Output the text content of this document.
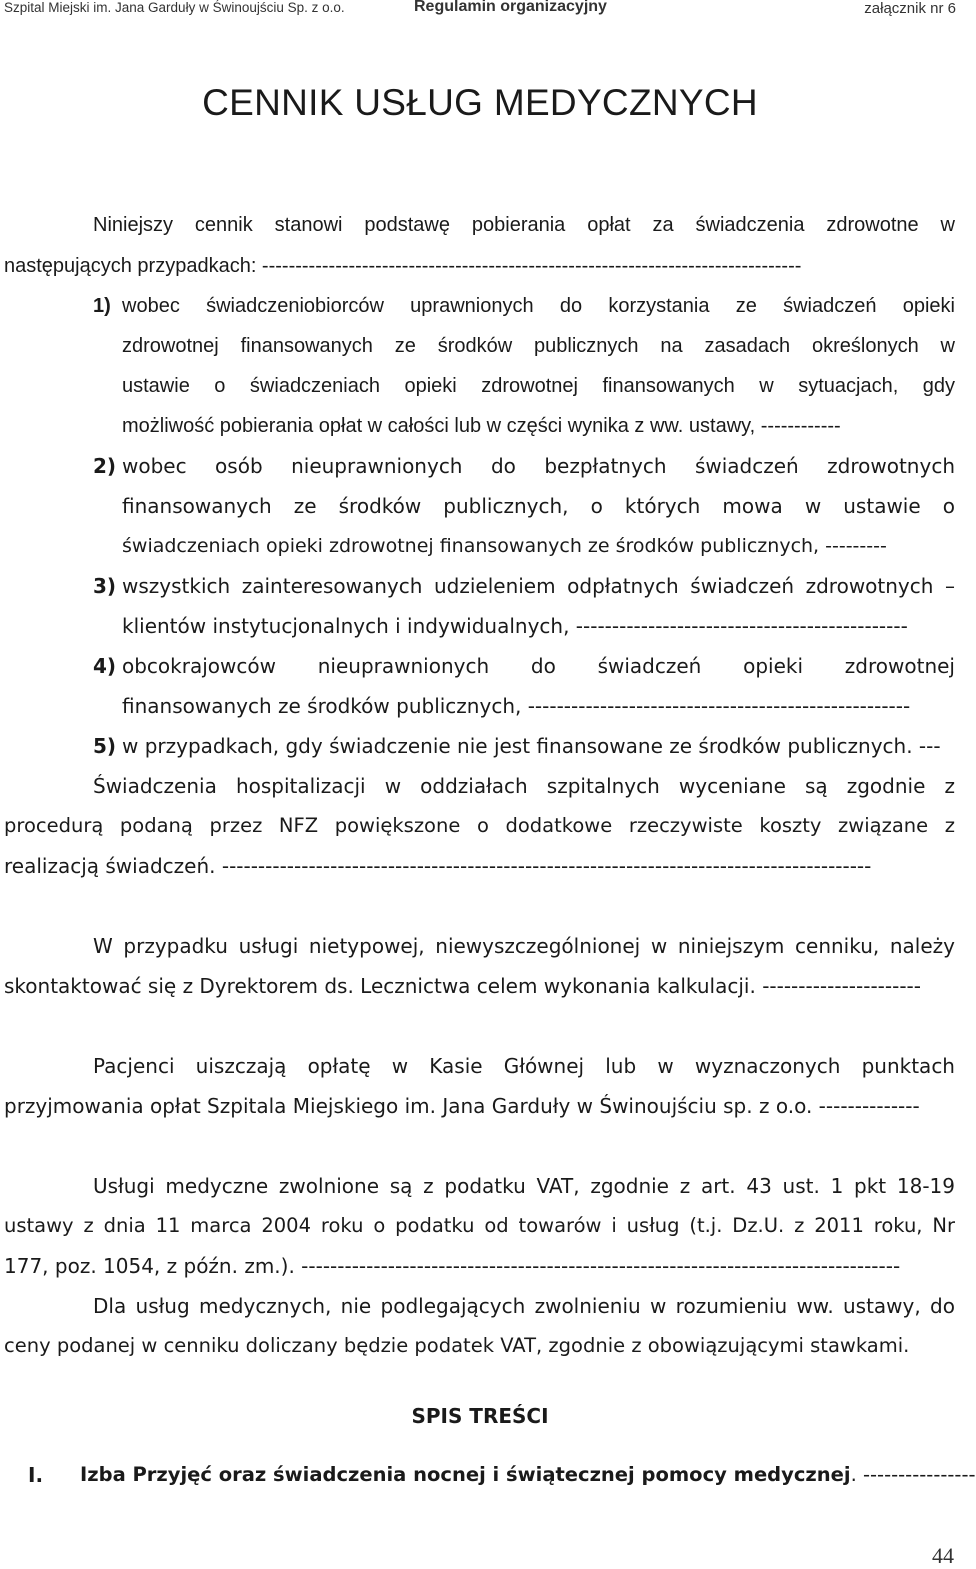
Szpital Miejski im. Jana Garduły w Świnoujściu Sp. z o.o.	Regulamin organizacyjny	załącznik nr 6
CENNIK USŁUG MEDYCZNYCH
Niniejszy cennik stanowi podstawę pobierania opłat za świadczenia zdrowotne w
następujących przypadkach: ---------------------------------------------------------------------------------
1) wobec świadczeniobiorców uprawnionych do korzystania ze świadczeń opieki
zdrowotnej finansowanych ze środków publicznych na zasadach określonych w
ustawie o świadczeniach opieki zdrowotnej finansowanych w sytuacjach, gdy
możliwość pobierania opłat w całości lub w części wynika z ww. ustawy, ------------
2) wobec osób nieuprawnionych do bezpłatnych świadczeń zdrowotnych
finansowanych ze środków publicznych, o których mowa w ustawie o
świadczeniach opieki zdrowotnej finansowanych ze środków publicznych, ---------
3) wszystkich zainteresowanych udzieleniem odpłatnych świadczeń zdrowotnych –
klientów instytucjonalnych i indywidualnych, ----------------------------------------------
4) obcokrajowców nieuprawnionych do świadczeń opieki zdrowotnej
finansowanych ze środków publicznych, -----------------------------------------------------
5) w przypadkach, gdy świadczenie nie jest finansowane ze środków publicznych. ---
Świadczenia hospitalizacji w oddziałach szpitalnych wyceniane są zgodnie z
procedurą podaną przez NFZ powiększone o dodatkowe rzeczywiste koszty związane z
realizacją świadczeń. ------------------------------------------------------------------------------------------
W przypadku usługi nietypowej, niewyszczególnionej w niniejszym cenniku, należy
skontaktować się z Dyrektorem ds. Lecznictwa celem wykonania kalkulacji. ----------------------
Pacjenci uiszczają opłatę w Kasie Głównej lub w wyznaczonych punktach
przyjmowania opłat Szpitala Miejskiego im. Jana Garduły w Świnoujściu sp. z o.o. --------------
Usługi medyczne zwolnione są z podatku VAT, zgodnie z art. 43 ust. 1 pkt 18-19
ustawy z dnia 11 marca 2004 roku o podatku od towarów i usług (t.j. Dz.U. z 2011 roku, Nr
177, poz. 1054, z późn. zm.). -----------------------------------------------------------------------------------
Dla usług medycznych, nie podlegających zwolnieniu w rozumieniu ww. ustawy, do
ceny podanej w cenniku doliczany będzie podatek VAT, zgodnie z obowiązującymi stawkami.
SPIS TREŚCI
I.	Izba Przyjęć oraz świadczenia nocnej i świątecznej pomocy medycznej. ----------------
44
